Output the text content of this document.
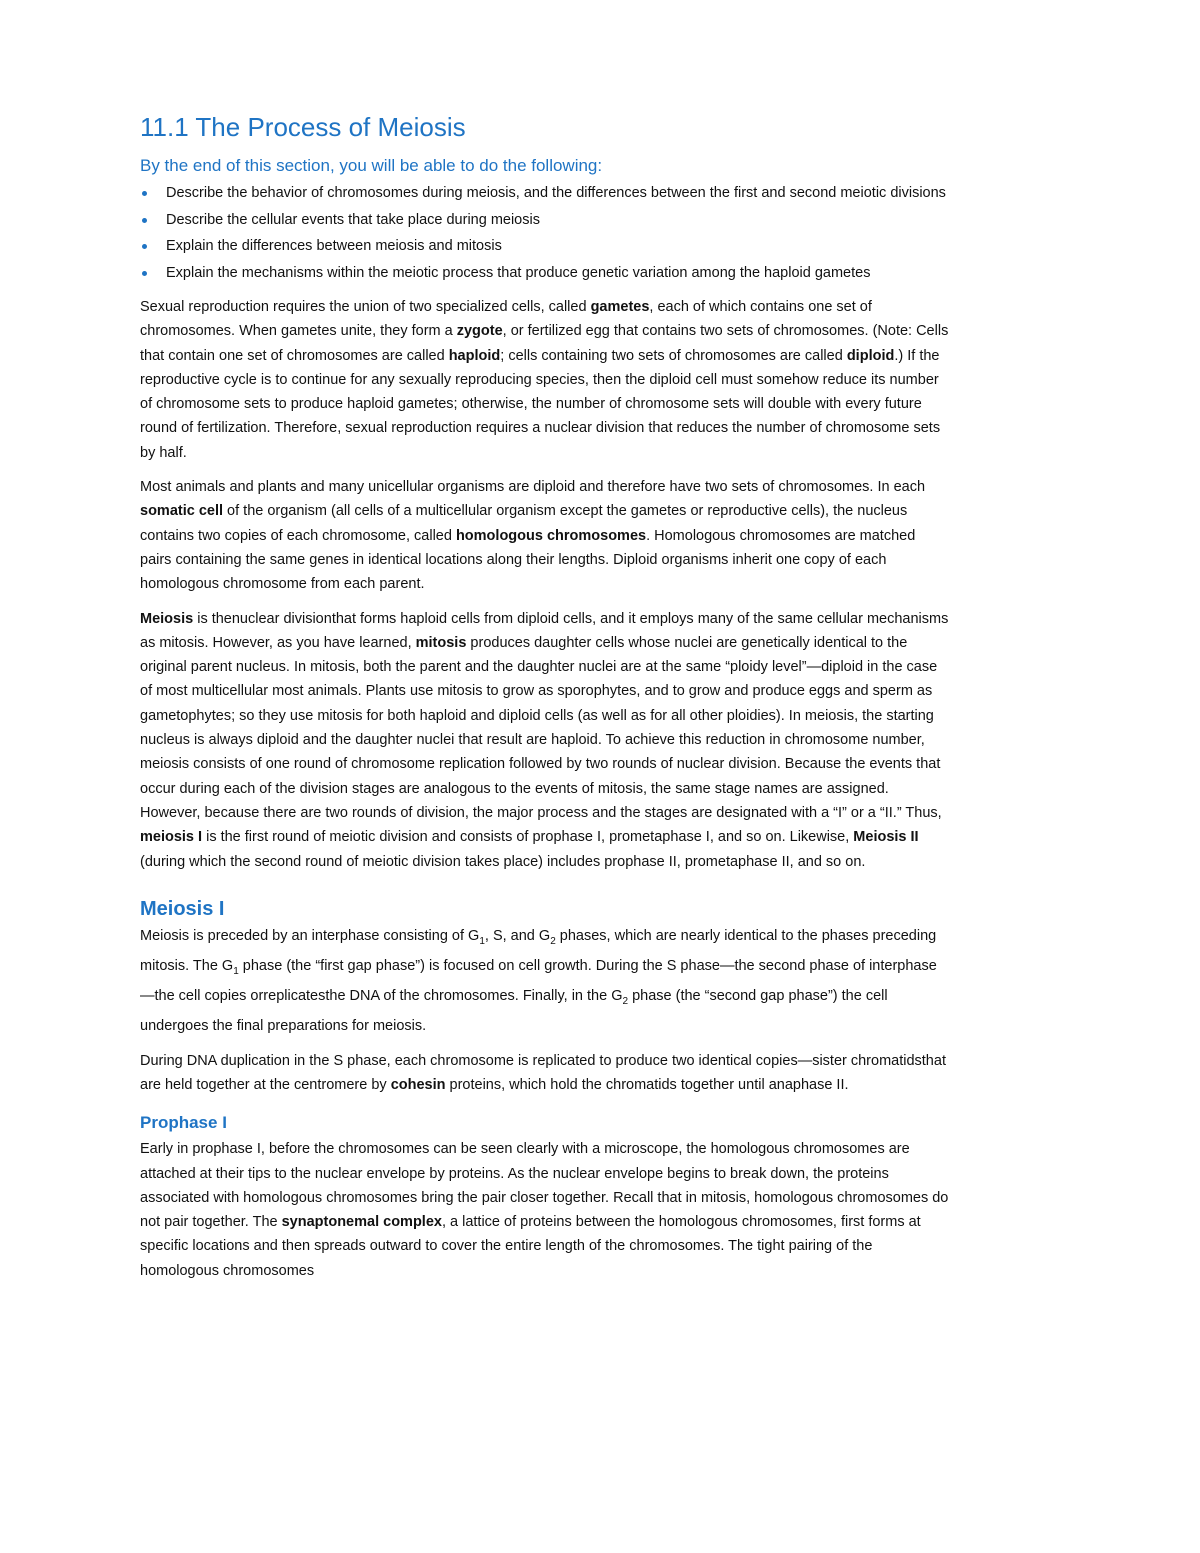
11.1 The Process of Meiosis
By the end of this section, you will be able to do the following:
Describe the behavior of chromosomes during meiosis, and the differences between the first and second meiotic divisions
Describe the cellular events that take place during meiosis
Explain the differences between meiosis and mitosis
Explain the mechanisms within the meiotic process that produce genetic variation among the haploid gametes

Sexual reproduction requires the union of two specialized cells, called gametes, each of which contains one set of chromosomes. When gametes unite, they form a zygote, or fertilized egg that contains two sets of chromosomes. (Note: Cells that contain one set of chromosomes are called haploid; cells containing two sets of chromosomes are called diploid.) If the reproductive cycle is to continue for any sexually reproducing species, then the diploid cell must somehow reduce its number of chromosome sets to produce haploid gametes; otherwise, the number of chromosome sets will double with every future round of fertilization. Therefore, sexual reproduction requires a nuclear division that reduces the number of chromosome sets by half.

Most animals and plants and many unicellular organisms are diploid and therefore have two sets of chromosomes. In each somatic cell of the organism (all cells of a multicellular organism except the gametes or reproductive cells), the nucleus contains two copies of each chromosome, called homologous chromosomes. Homologous chromosomes are matched pairs containing the same genes in identical locations along their lengths. Diploid organisms inherit one copy of each homologous chromosome from each parent.

Meiosis is thenuclear divisionthat forms haploid cells from diploid cells, and it employs many of the same cellular mechanisms as mitosis. However, as you have learned, mitosis produces daughter cells whose nuclei are genetically identical to the original parent nucleus. In mitosis, both the parent and the daughter nuclei are at the same “ploidy level”—diploid in the case of most multicellular most animals. Plants use mitosis to grow as sporophytes, and to grow and produce eggs and sperm as gametophytes; so they use mitosis for both haploid and diploid cells (as well as for all other ploidies). In meiosis, the starting nucleus is always diploid and the daughter nuclei that result are haploid. To achieve this reduction in chromosome number, meiosis consists of one round of chromosome replication followed by two rounds of nuclear division. Because the events that occur during each of the division stages are analogous to the events of mitosis, the same stage names are assigned. However, because there are two rounds of division, the major process and the stages are designated with a “I” or a “II.” Thus, meiosis I is the first round of meiotic division and consists of prophase I, prometaphase I, and so on. Likewise, Meiosis II (during which the second round of meiotic division takes place) includes prophase II, prometaphase II, and so on.

Meiosis I

Meiosis is preceded by an interphase consisting of $G_1$, S, and $G_2$ phases, which are nearly identical to the phases preceding mitosis. The $G_1$ phase (the “first gap phase”) is focused on cell growth. During the S phase—the second phase of interphase—the cell copies orreplicatesthe DNA of the chromosomes. Finally, in the $G_2$ phase (the “second gap phase”) the cell undergoes the final preparations for meiosis.

During DNA duplication in the S phase, each chromosome is replicated to produce two identical copies—sister chromatidsthat are held together at the centromere by cohesin proteins, which hold the chromatids together until anaphase II.

Prophase I

Early in prophase I, before the chromosomes can be seen clearly with a microscope, the homologous chromosomes are attached at their tips to the nuclear envelope by proteins. As the nuclear envelope begins to break down, the proteins associated with homologous chromosomes bring the pair closer together. Recall that in mitosis, homologous chromosomes do not pair together. The synaptonemal complex, a lattice of proteins between the homologous chromosomes, first forms at specific locations and then spreads outward to cover the entire length of the chromosomes. The tight pairing of the homologous chromosomes
